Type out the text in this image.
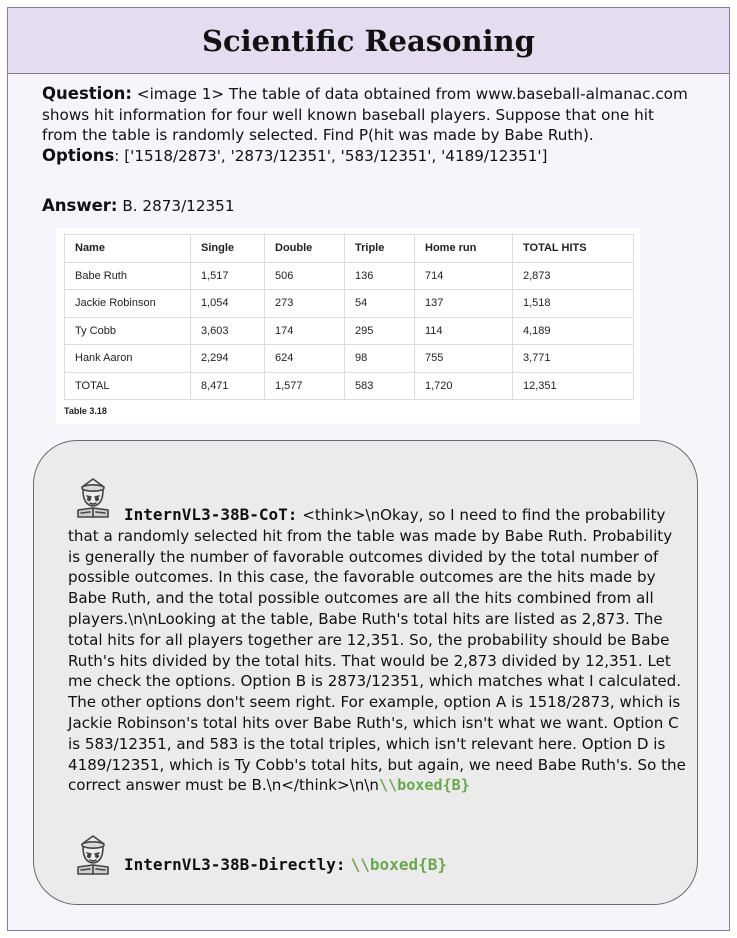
Scientific Reasoning
Question: <image 1> The table of data obtained from www.baseball-almanac.com shows hit information for four well known baseball players. Suppose that one hit from the table is randomly selected. Find P(hit was made by Babe Ruth).
Options: ['1518/2873', '2873/12351', '583/12351', '4189/12351']
Answer: B. 2873/12351
Name	Single	Double	Triple	Home run	TOTAL HITS
Babe Ruth	1,517	506	136	714	2,873
Jackie Robinson	1,054	273	54	137	1,518
Ty Cobb	3,603	174	295	114	4,189
Hank Aaron	2,294	624	98	755	3,771
TOTAL	8,471	1,577	583	1,720	12,351
Table 3.18
InternVL3-38B-CoT: <think>\nOkay, so I need to find the probability that a randomly selected hit from the table was made by Babe Ruth. Probability is generally the number of favorable outcomes divided by the total number of possible outcomes. In this case, the favorable outcomes are the hits made by Babe Ruth, and the total possible outcomes are all the hits combined from all players.\n\nLooking at the table, Babe Ruth's total hits are listed as 2,873. The total hits for all players together are 12,351. So, the probability should be Babe Ruth's hits divided by the total hits. That would be 2,873 divided by 12,351. Let me check the options. Option B is 2873/12351, which matches what I calculated. The other options don't seem right. For example, option A is 1518/2873, which is Jackie Robinson's total hits over Babe Ruth's, which isn't what we want. Option C is 583/12351, and 583 is the total triples, which isn't relevant here. Option D is 4189/12351, which is Ty Cobb's total hits, but again, we need Babe Ruth's. So the correct answer must be B.\n</think>\n\n\\boxed{B}
InternVL3-38B-Directly: \\boxed{B}
